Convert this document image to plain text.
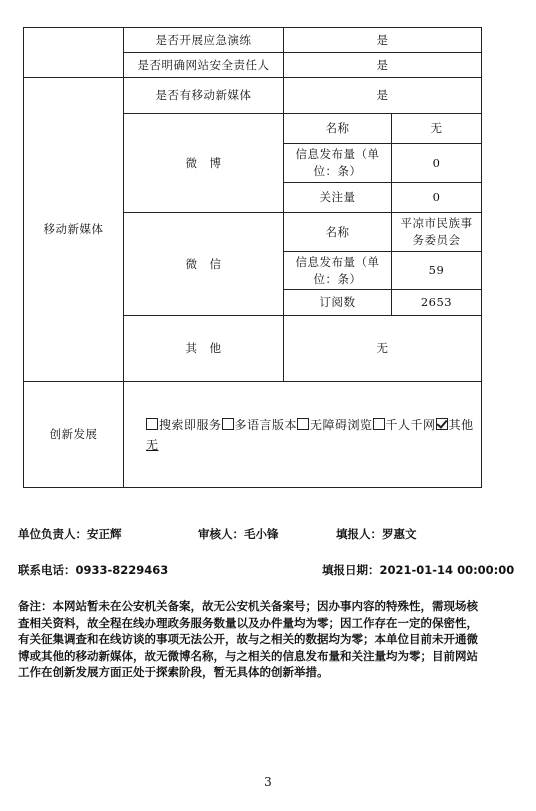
	是否开展应急演练	是	
	是否明确网站安全责任人	是	
移动新媒体	是否有移动新媒体	是	
	微　博	名称	无
		信息发布量（单位：条）	0
		关注量	0
	微　信	名称	平凉市民族事务委员会
		信息发布量（单位：条）	59
		订阅数	2653
	其　他	无	
创新发展	搜索即服务 多语言版本 无障碍浏览 千人千网 其他
无		
单位负责人：安正辉	审核人：毛小锋	填报人：罗惠文
联系电话：0933-8229463	填报日期：2021-01-14 00:00:00
备注：本网站暂未在公安机关备案，故无公安机关备案号；因办事内容的特殊性，需现场核查相关资料，故全程在线办理政务服务数量以及办件量均为零；因工作存在一定的保密性，有关征集调查和在线访谈的事项无法公开，故与之相关的数据均为零；本单位目前未开通微博或其他的移动新媒体，故无微博名称，与之相关的信息发布量和关注量均为零；目前网站工作在创新发展方面正处于探索阶段，暂无具体的创新举措。
3
